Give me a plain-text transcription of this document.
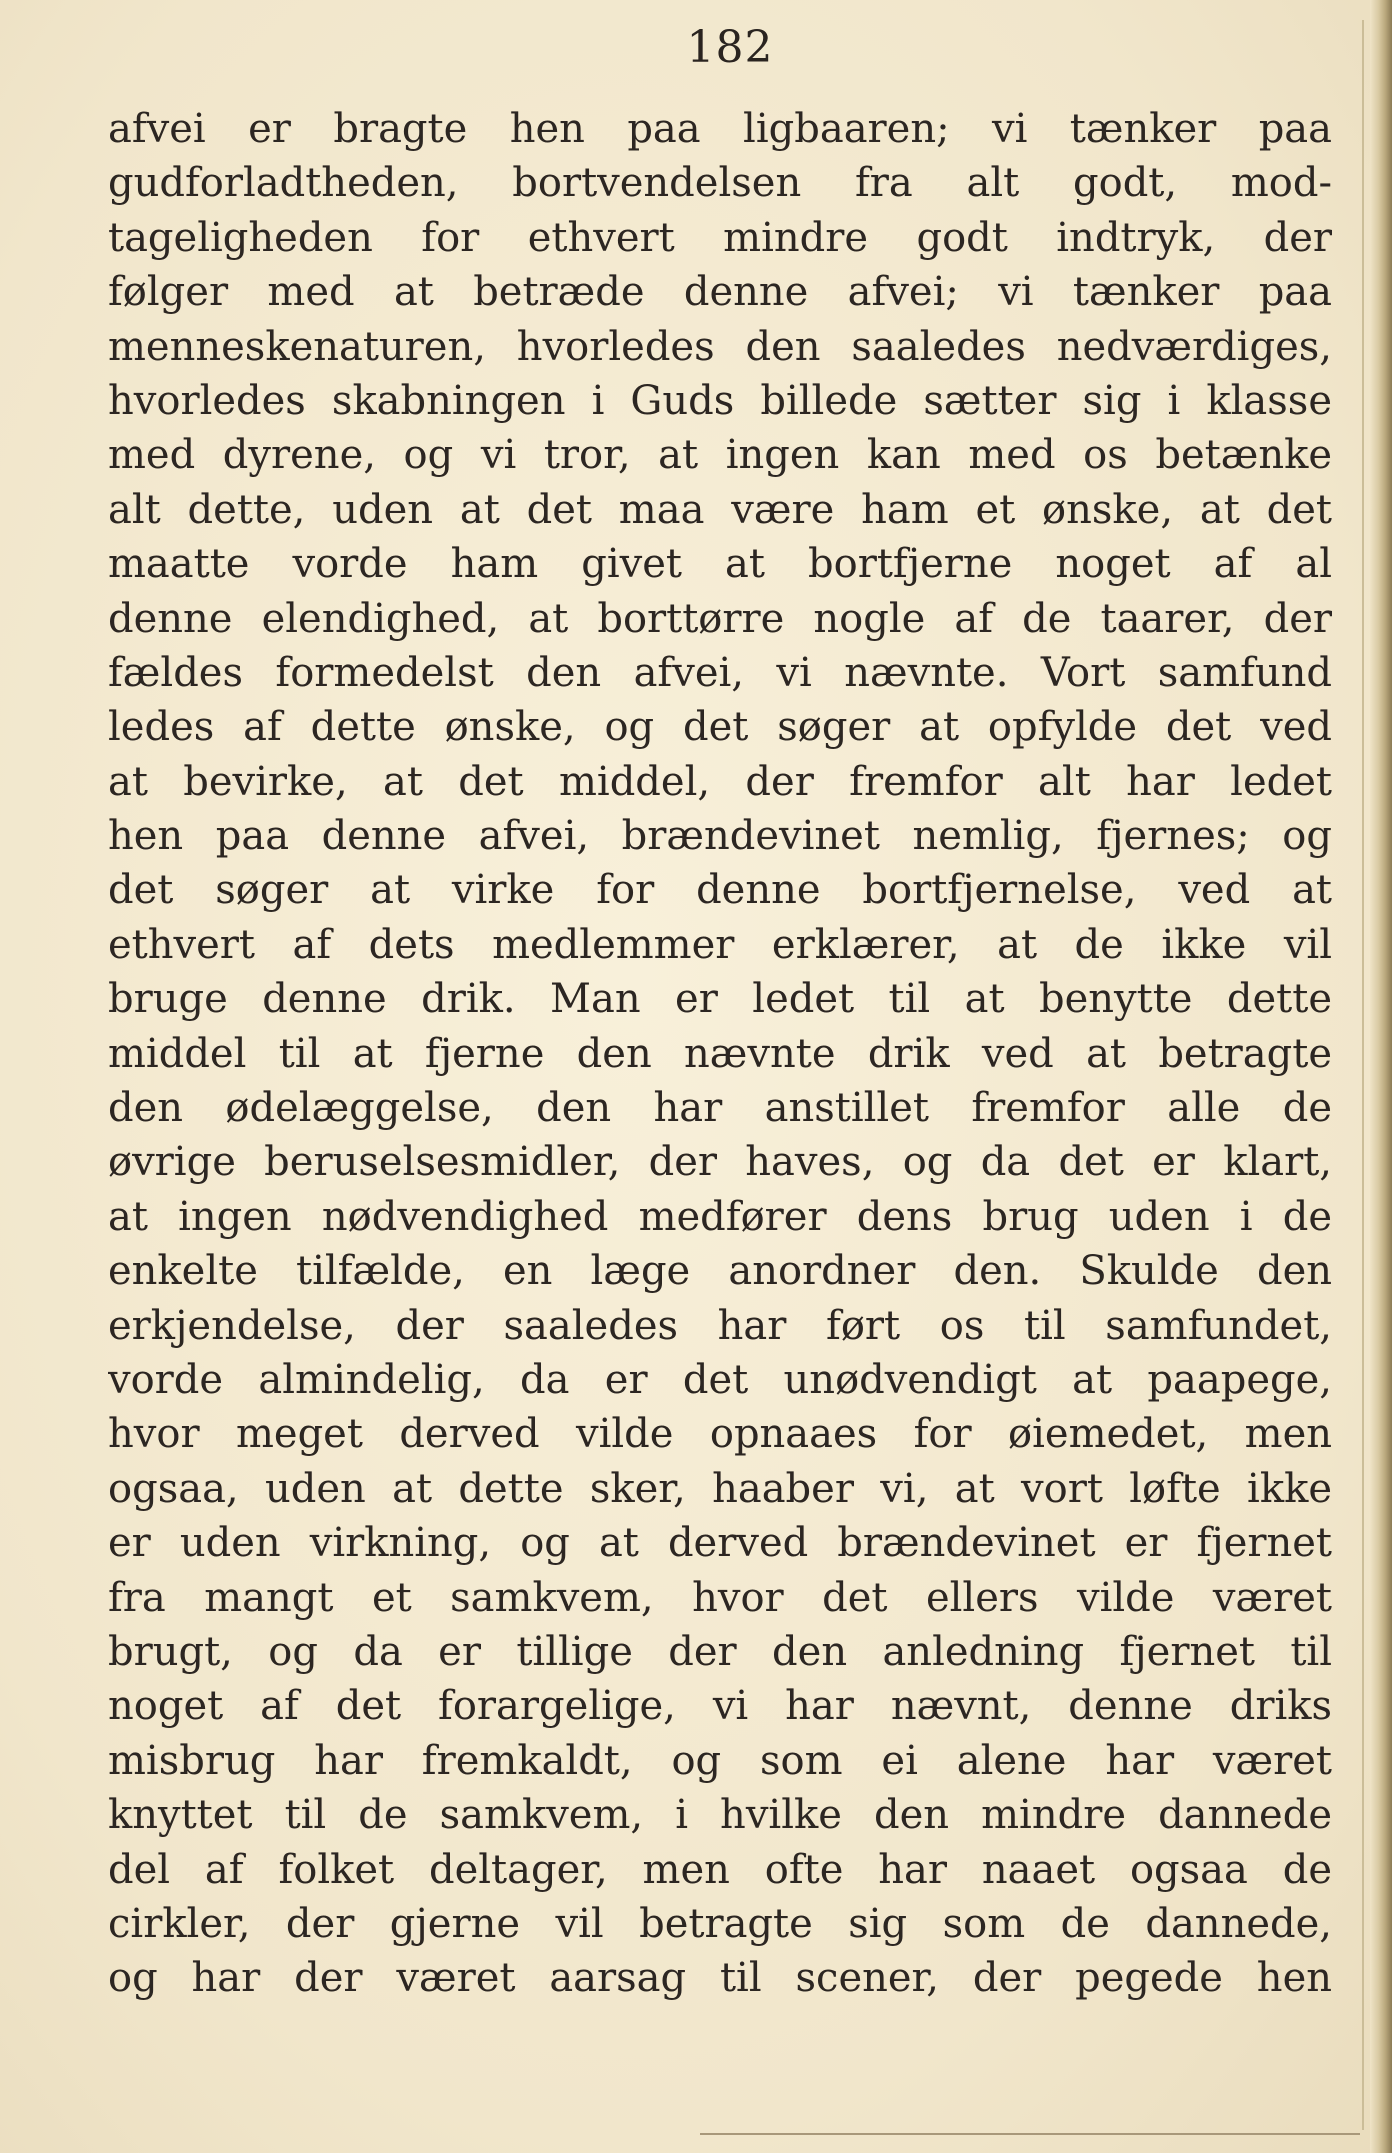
182
afvei er bragte hen paa ligbaaren; vi tænker paa
gudforladtheden, bortvendelsen fra alt godt, mod-
tageligheden for ethvert mindre godt indtryk, der
følger med at betræde denne afvei; vi tænker paa
menneskenaturen, hvorledes den saaledes nedværdiges,
hvorledes skabningen i Guds billede sætter sig i klasse
med dyrene, og vi tror, at ingen kan med os betænke
alt dette, uden at det maa være ham et ønske, at det
maatte vorde ham givet at bortfjerne noget af al
denne elendighed, at borttørre nogle af de taarer, der
fældes formedelst den afvei, vi nævnte. Vort samfund
ledes af dette ønske, og det søger at opfylde det ved
at bevirke, at det middel, der fremfor alt har ledet
hen paa denne afvei, brændevinet nemlig, fjernes; og
det søger at virke for denne bortfjernelse, ved at
ethvert af dets medlemmer erklærer, at de ikke vil
bruge denne drik. Man er ledet til at benytte dette
middel til at fjerne den nævnte drik ved at betragte
den ødelæggelse, den har anstillet fremfor alle de
øvrige beruselsesmidler, der haves, og da det er klart,
at ingen nødvendighed medfører dens brug uden i de
enkelte tilfælde, en læge anordner den. Skulde den
erkjendelse, der saaledes har ført os til samfundet,
vorde almindelig, da er det unødvendigt at paapege,
hvor meget derved vilde opnaaes for øiemedet, men
ogsaa, uden at dette sker, haaber vi, at vort løfte ikke
er uden virkning, og at derved brændevinet er fjernet
fra mangt et samkvem, hvor det ellers vilde været
brugt, og da er tillige der den anledning fjernet til
noget af det forargelige, vi har nævnt, denne driks
misbrug har fremkaldt, og som ei alene har været
knyttet til de samkvem, i hvilke den mindre dannede
del af folket deltager, men ofte har naaet ogsaa de
cirkler, der gjerne vil betragte sig som de dannede,
og har der været aarsag til scener, der pegede hen
